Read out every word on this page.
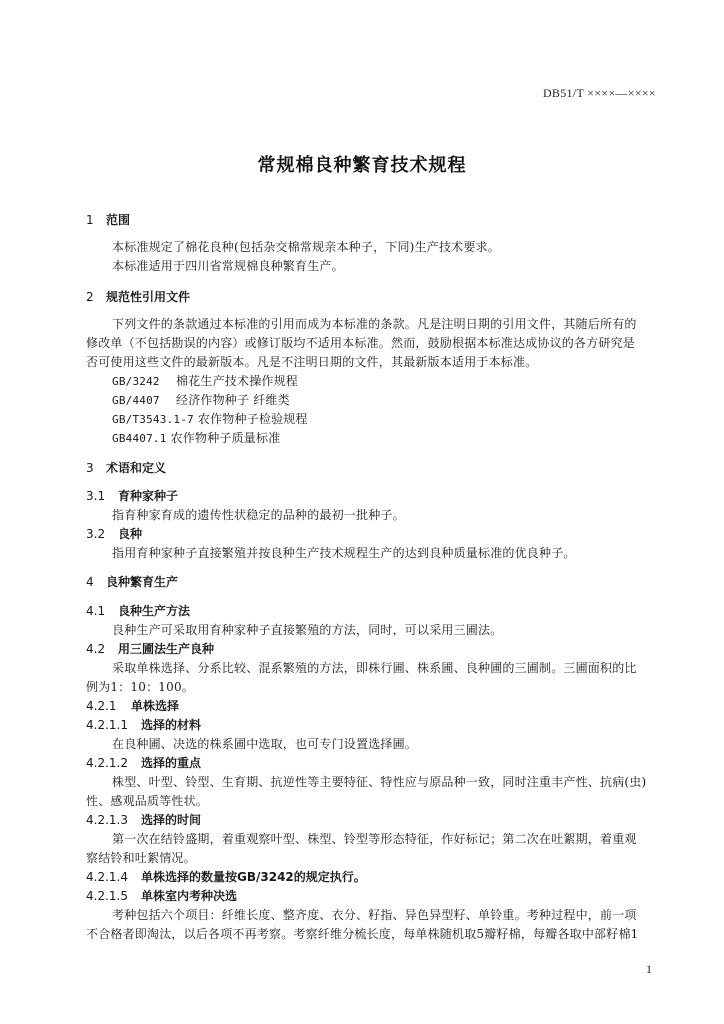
DB51/T ××××—××××
常规棉良种繁育技术规程
1 范围
本标准规定了棉花良种(包括杂交棉常规亲本种子，下同)生产技术要求。
本标准适用于四川省常规棉良种繁育生产。
2 规范性引用文件
下列文件的条款通过本标准的引用而成为本标准的条款。凡是注明日期的引用文件，其随后所有的
修改单（不包括勘误的内容）或修订版均不适用本标准。然而，鼓励根据本标准达成协议的各方研究是
否可使用这些文件的最新版本。凡是不注明日期的文件，其最新版本适用于本标准。
GB/3242 棉花生产技术操作规程
GB/4407 经济作物种子 纤维类
GB/T3543.1-7 农作物种子检验规程
GB4407.1 农作物种子质量标准
3 术语和定义
3.1 育种家种子
指育种家育成的遗传性状稳定的品种的最初一批种子。
3.2 良种
指用育种家种子直接繁殖并按良种生产技术规程生产的达到良种质量标准的优良种子。
4 良种繁育生产
4.1 良种生产方法
良种生产可采取用育种家种子直接繁殖的方法，同时，可以采用三圃法。
4.2 用三圃法生产良种
采取单株选择、分系比较、混系繁殖的方法，即株行圃、株系圃、良种圃的三圃制。三圃面积的比
例为1：10：100。
4.2.1 单株选择
4.2.1.1 选择的材料
在良种圃、决选的株系圃中选取，也可专门设置选择圃。
4.2.1.2 选择的重点
株型、叶型、铃型、生育期、抗逆性等主要特征、特性应与原品种一致，同时注重丰产性、抗病(虫)
性、感观品质等性状。
4.2.1.3 选择的时间
第一次在结铃盛期，着重观察叶型、株型、铃型等形态特征，作好标记；第二次在吐絮期，着重观
察结铃和吐絮情况。
4.2.1.4 单株选择的数量按GB/3242的规定执行。
4.2.1.5 单株室内考种决选
考种包括六个项目：纤维长度、整齐度、衣分、籽指、异色异型籽、单铃重。考种过程中，前一项
不合格者即淘汰，以后各项不再考察。考察纤维分梳长度，每单株随机取5瓣籽棉，每瓣各取中部籽棉1
1
